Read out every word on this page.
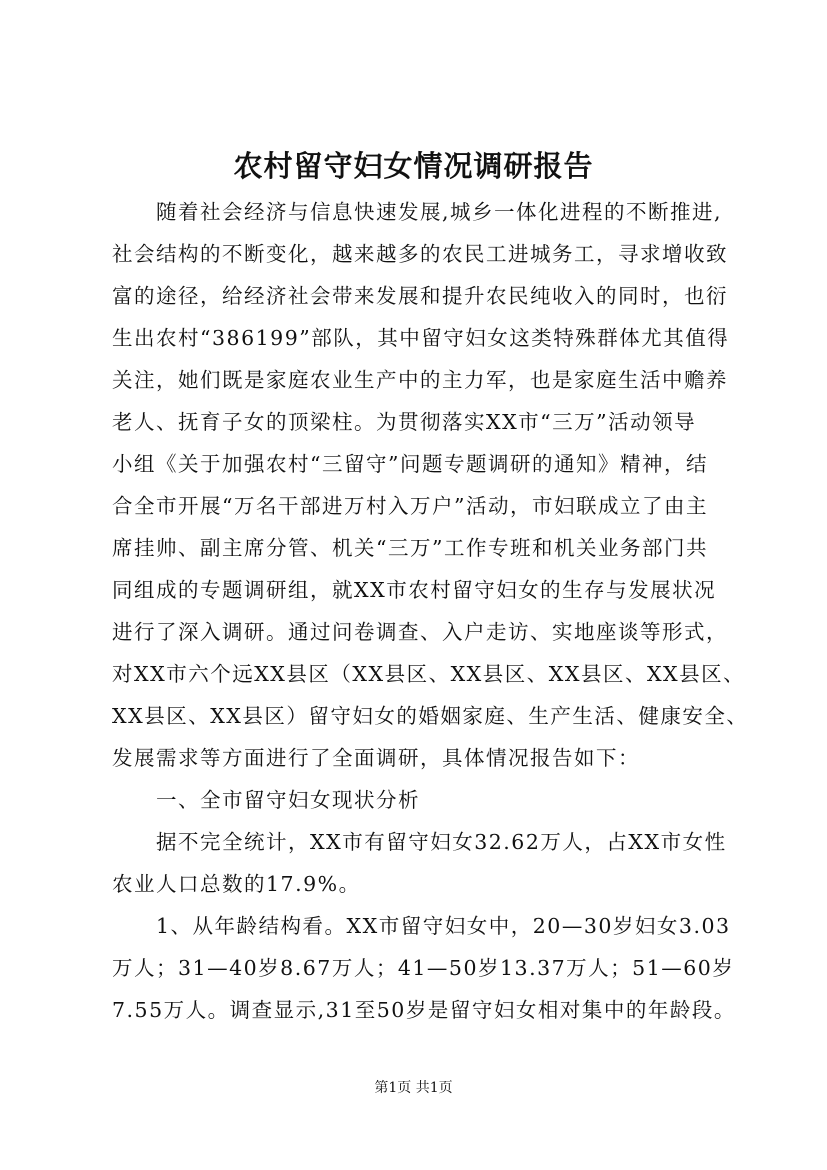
农村留守妇女情况调研报告
　　随着社会经济与信息快速发展,城乡一体化进程的不断推进,
社会结构的不断变化，越来越多的农民工进城务工，寻求增收致
富的途径，给经济社会带来发展和提升农民纯收入的同时，也衍
生出农村“386199”部队，其中留守妇女这类特殊群体尤其值得
关注，她们既是家庭农业生产中的主力军，也是家庭生活中赡养
老人、抚育子女的顶梁柱。为贯彻落实XX市“三万”活动领导
小组《关于加强农村“三留守”问题专题调研的通知》精神，结
合全市开展“万名干部进万村入万户”活动，市妇联成立了由主
席挂帅、副主席分管、机关“三万”工作专班和机关业务部门共
同组成的专题调研组，就XX市农村留守妇女的生存与发展状况
进行了深入调研。通过问卷调查、入户走访、实地座谈等形式，
对XX市六个远XX县区（XX县区、XX县区、XX县区、XX县区、
XX县区、XX县区）留守妇女的婚姻家庭、生产生活、健康安全、
发展需求等方面进行了全面调研，具体情况报告如下：
　　一、全市留守妇女现状分析
　　据不完全统计，XX市有留守妇女32.62万人，占XX市女性
农业人口总数的17.9%。
　　1、从年龄结构看。XX市留守妇女中，20—30岁妇女3.03
万人；31—40岁8.67万人；41—50岁13.37万人；51—60岁
7.55万人。调查显示,31至50岁是留守妇女相对集中的年龄段。
第1页 共1页
